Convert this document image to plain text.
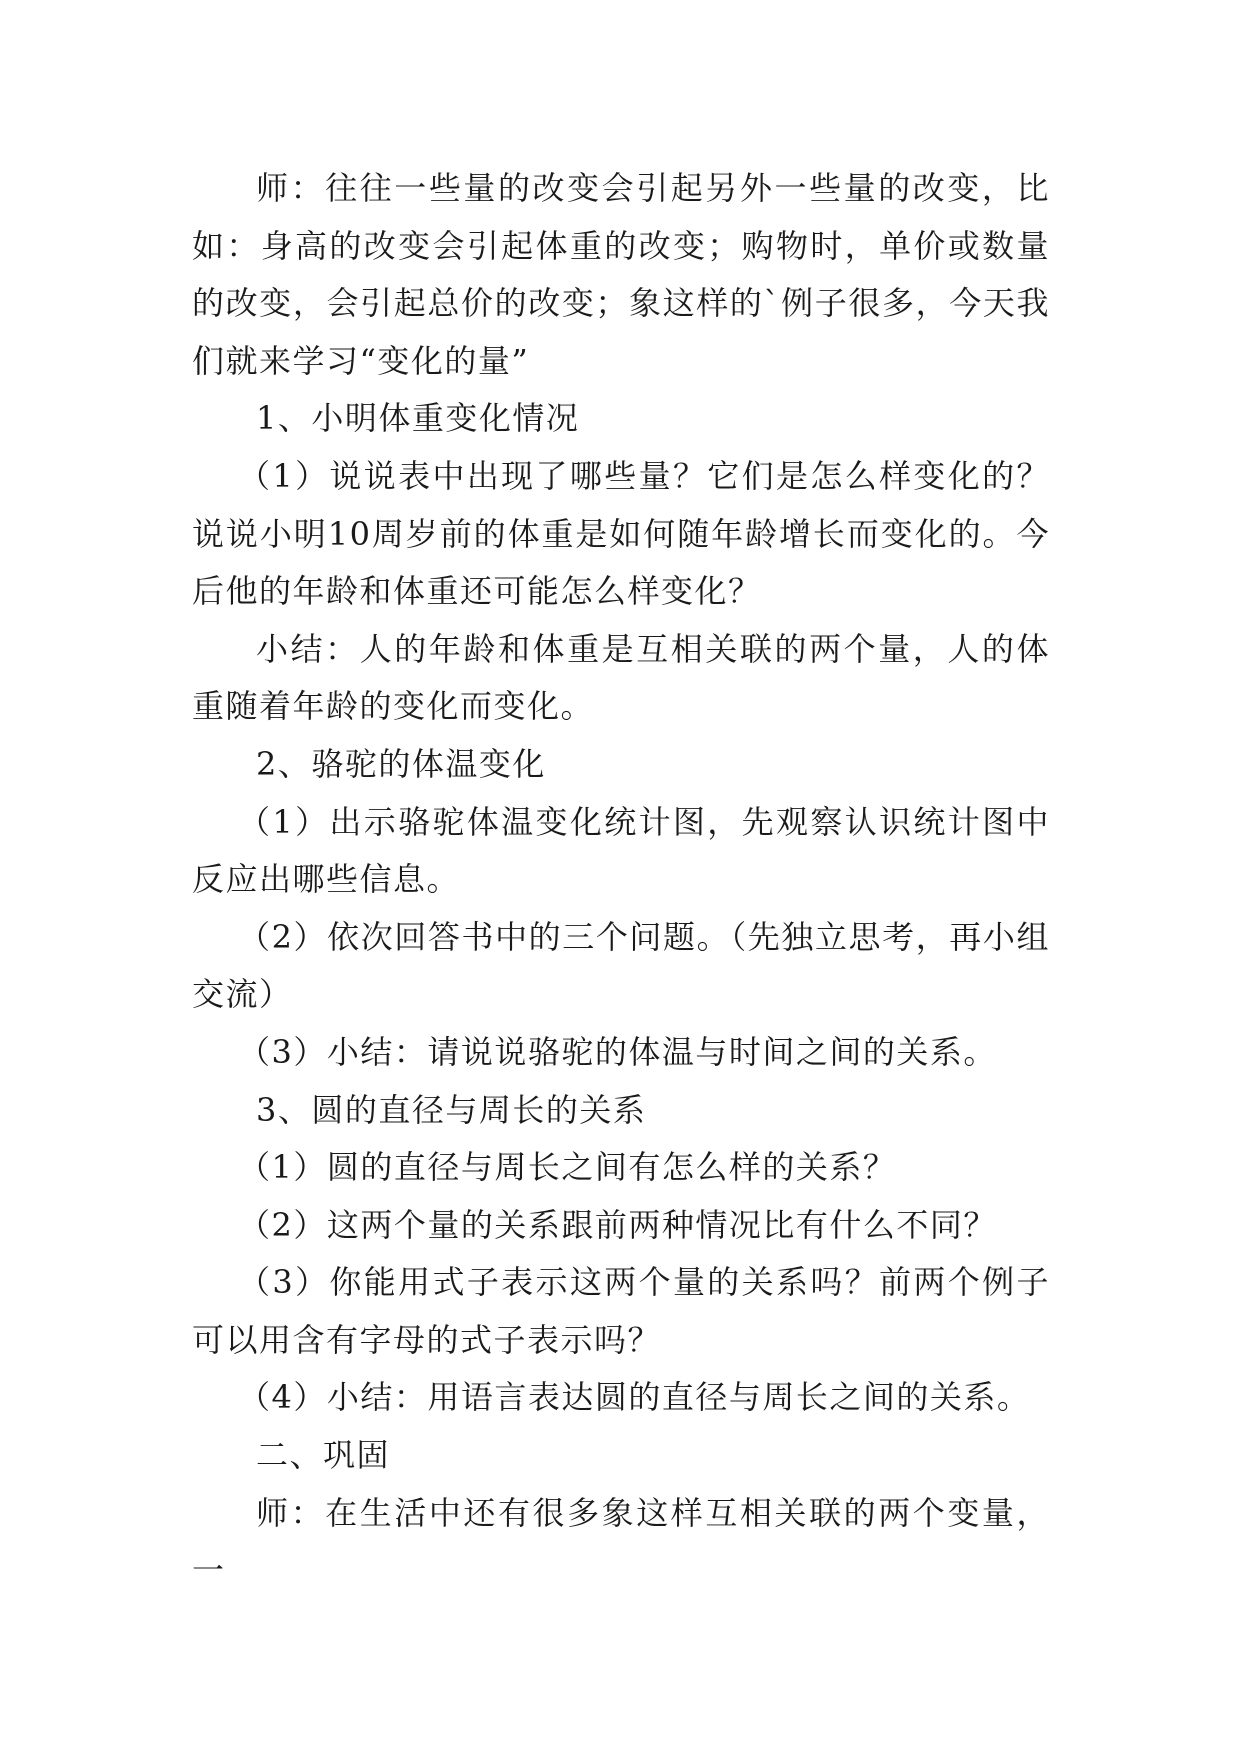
师：往往一些量的改变会引起另外一些量的改变，比如：身高的改变会引起体重的改变；购物时，单价或数量的改变，会引起总价的改变；象这样的`例子很多，今天我们就来学习“变化的量”

1、小明体重变化情况

（1）说说表中出现了哪些量？它们是怎么样变化的？说说小明10周岁前的体重是如何随年龄增长而变化的。今后他的年龄和体重还可能怎么样变化？

小结：人的年龄和体重是互相关联的两个量，人的体重随着年龄的变化而变化。

2、骆驼的体温变化

（1）出示骆驼体温变化统计图，先观察认识统计图中反应出哪些信息。

（2）依次回答书中的三个问题。（先独立思考，再小组交流）

（3）小结：请说说骆驼的体温与时间之间的关系。

3、圆的直径与周长的关系

（1）圆的直径与周长之间有怎么样的关系？

（2）这两个量的关系跟前两种情况比有什么不同？

（3）你能用式子表示这两个量的关系吗？前两个例子可以用含有字母的式子表示吗？

（4）小结：用语言表达圆的直径与周长之间的关系。

二、巩固

师：在生活中还有很多象这样互相关联的两个变量，一
